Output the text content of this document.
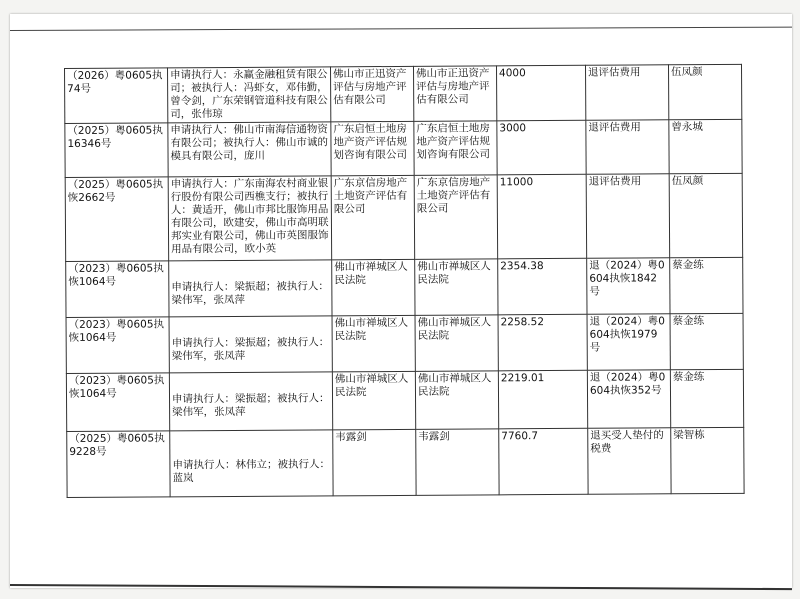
（2026）粤0605执74号	申请执行人：永赢金融租赁有限公司；被执行人：冯虾女，邓伟勤，曾令剑，广东荣钢管道科技有限公司，张伟琼	佛山市正迅资产评估与房地产评估有限公司	佛山市正迅资产评估与房地产评估有限公司	4000	退评估费用	伍凤颜
（2025）粤0605执16346号	申请执行人：佛山市南海信通物资有限公司；被执行人：佛山市诚的模具有限公司，庞川	广东启恒土地房地产资产评估规划咨询有限公司	广东启恒土地房地产资产评估规划咨询有限公司	3000	退评估费用	曾永城
（2025）粤0605执恢2662号	申请执行人：广东南海农村商业银行股份有限公司西樵支行；被执行人：黄适开，佛山市邦比服饰用品有限公司，欧建安，佛山市高明联邦实业有限公司，佛山市英图服饰用品有限公司，欧小英	广东京信房地产土地资产评估有限公司	广东京信房地产土地资产评估有限公司	11000	退评估费用	伍凤颜
（2023）粤0605执恢1064号	申请执行人：梁振超；被执行人：梁伟军，张凤萍	佛山市禅城区人民法院	佛山市禅城区人民法院	2354.38	退（2024）粤0604执恢1842号	蔡金练
（2023）粤0605执恢1064号	申请执行人：梁振超；被执行人：梁伟军，张凤萍	佛山市禅城区人民法院	佛山市禅城区人民法院	2258.52	退（2024）粤0604执恢1979号	蔡金练
（2023）粤0605执恢1064号	申请执行人：梁振超；被执行人：梁伟军，张凤萍	佛山市禅城区人民法院	佛山市禅城区人民法院	2219.01	退（2024）粤0604执恢352号	蔡金练
（2025）粤0605执9228号	申请执行人：林伟立；被执行人：蓝岚	韦露剑	韦露剑	7760.7	退买受人垫付的税费	梁智栋
